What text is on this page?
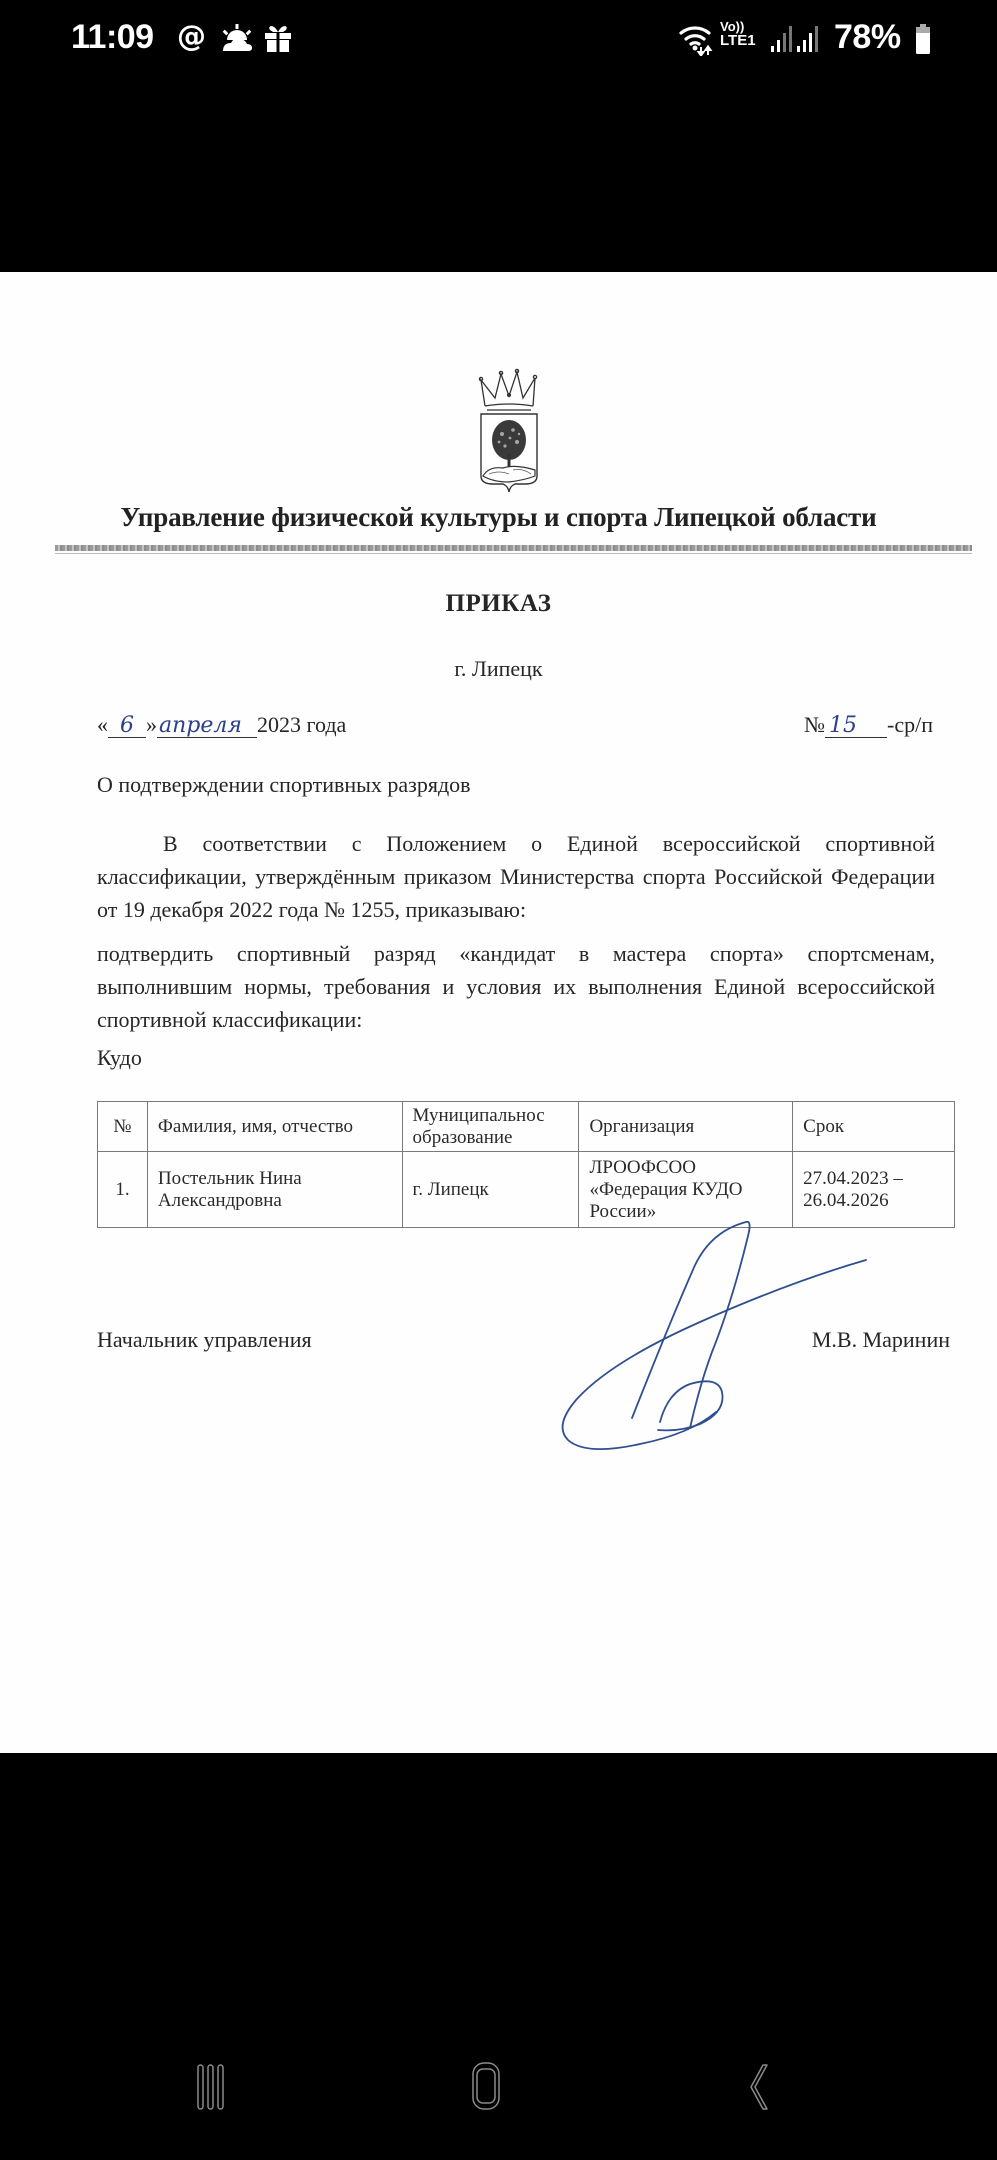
11:09 @	Vo))
LTE1 78%
Управление физической культуры и спорта Липецкой области
ПРИКАЗ
г. Липецк
« 6 »апреля 2023 года	№ 15 -ср/п
О подтверждении спортивных разрядов
В соответствии с Положением о Единой всероссийской спортивной классификации, утверждённым приказом Министерства спорта Российской Федерации от 19 декабря 2022 года № 1255, приказываю:
подтвердить спортивный разряд «кандидат в мастера спорта» спортсменам, выполнившим нормы, требования и условия их выполнения Единой всероссийской спортивной классификации:
Кудо
№	Фамилия, имя, отчество	Муниципальнос образование	Организация	Срок
1.	Постельник Нина Александровна	г. Липецк	ЛРООФСОО «Федерация КУДО России»	27.04.2023 – 26.04.2026
Начальник управления	М.В. Маринин
